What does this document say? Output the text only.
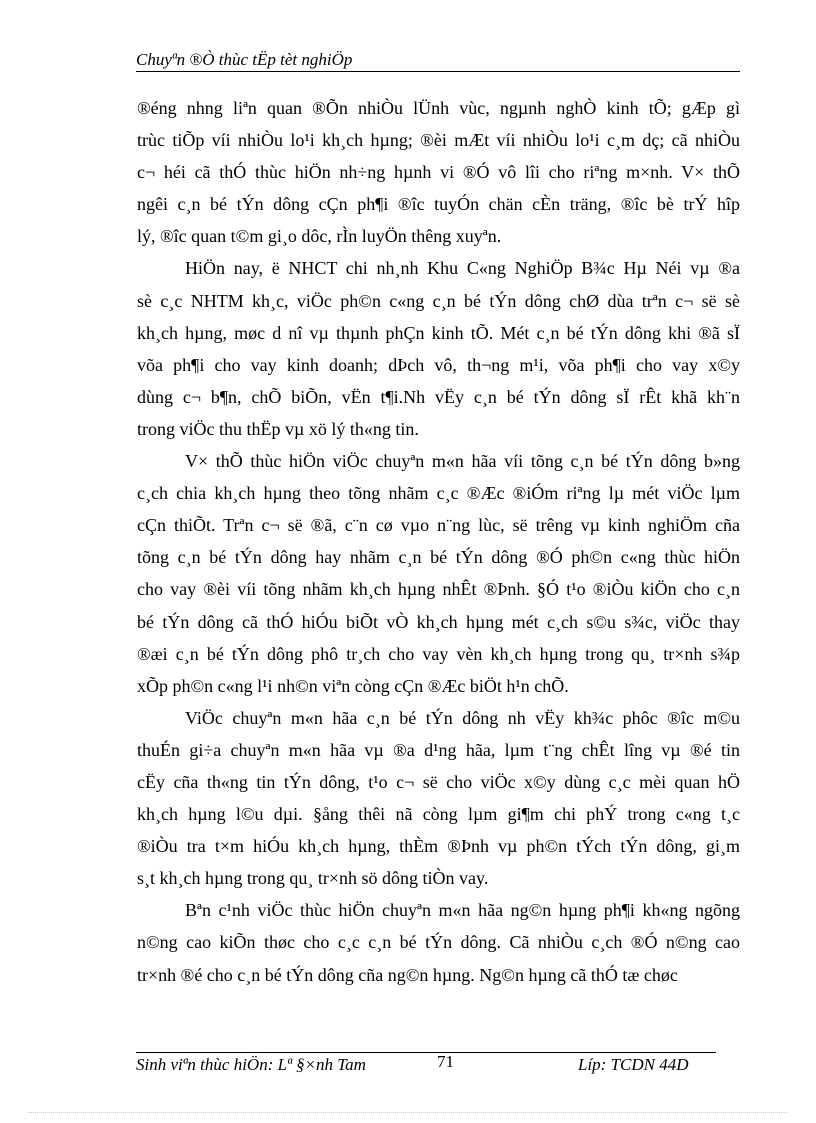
Chuyªn ®Ò thùc tËp tèt nghiÖp
®éng nhng liªn quan ®Õn nhiÒu lÜnh vùc, ngµnh nghÒ kinh tÕ; gÆp gì
trùc tiÕp víi nhiÒu lo¹i kh¸ch hµng; ®èi mÆt víi nhiÒu lo¹i c¸m dç; cã nhiÒu
c¬ héi cã thÓ thùc hiÖn nh÷ng hµnh vi ®Ó vô lîi cho riªng m×nh. V× thÕ
ngêi c¸n bé tÝn dông cÇn ph¶i ®îc tuyÓn chän cÈn träng, ®îc bè trÝ hîp
lý, ®îc quan t©m gi¸o dôc, rÌn luyÖn thêng xuyªn.
HiÖn nay, ë NHCT chi nh¸nh Khu C«ng NghiÖp B¾c Hµ Néi vµ ®a
sè c¸c NHTM kh¸c, viÖc ph©n c«ng c¸n bé tÝn dông chØ dùa trªn c¬ së sè
kh¸ch hµng, møc d nî vµ thµnh phÇn kinh tÕ. Mét c¸n bé tÝn dông khi ®ã sÏ
võa ph¶i cho vay kinh doanh; dÞch vô, th¬ng m¹i, võa ph¶i cho vay x©y
dùng c¬ b¶n, chÕ biÕn, vËn t¶i.Nh vËy c¸n bé tÝn dông sÏ rÊt khã kh¨n
trong viÖc thu thËp vµ xö lý th«ng tin.
V× thÕ thùc hiÖn viÖc chuyªn m«n hãa víi tõng c¸n bé tÝn dông b»ng
c¸ch chia kh¸ch hµng theo tõng nhãm c¸c ®Æc ®iÓm riªng lµ mét viÖc lµm
cÇn thiÕt. Trªn c¬ së ®ã, c¨n cø vµo n¨ng lùc, së trêng vµ kinh nghiÖm cña
tõng c¸n bé tÝn dông hay nhãm c¸n bé tÝn dông ®Ó ph©n c«ng thùc hiÖn
cho vay ®èi víi tõng nhãm kh¸ch hµng nhÊt ®Þnh. §Ó t¹o ®iÒu kiÖn cho c¸n
bé tÝn dông cã thÓ hiÓu biÕt vÒ kh¸ch hµng mét c¸ch s©u s¾c, viÖc thay
®æi c¸n bé tÝn dông phô tr¸ch cho vay vèn kh¸ch hµng trong qu¸ tr×nh s¾p
xÕp ph©n c«ng l¹i nh©n viªn còng cÇn ®Æc biÖt h¹n chÕ.
ViÖc chuyªn m«n hãa c¸n bé tÝn dông nh vËy kh¾c phôc ®îc m©u
thuÉn gi÷a chuyªn m«n hãa vµ ®a d¹ng hãa, lµm t¨ng chÊt lîng vµ ®é tin
cËy cña th«ng tin tÝn dông, t¹o c¬ së cho viÖc x©y dùng c¸c mèi quan hÖ
kh¸ch hµng l©u dµi. §ång thêi nã còng lµm gi¶m chi phÝ trong c«ng t¸c
®iÒu tra t×m hiÓu kh¸ch hµng, thÈm ®Þnh vµ ph©n tÝch tÝn dông, gi¸m
s¸t kh¸ch hµng trong qu¸ tr×nh sö dông tiÒn vay.
Bªn c¹nh viÖc thùc hiÖn chuyªn m«n hãa ng©n hµng ph¶i kh«ng ngõng
n©ng cao kiÕn thøc cho c¸c c¸n bé tÝn dông. Cã nhiÒu c¸ch ®Ó n©ng cao
tr×nh ®é cho c¸n bé tÝn dông cña ng©n hµng. Ng©n hµng cã thÓ tæ chøc
Sinh viªn thùc hiÖn: Lª §×nh Tam	71	Líp: TCDN 44D
